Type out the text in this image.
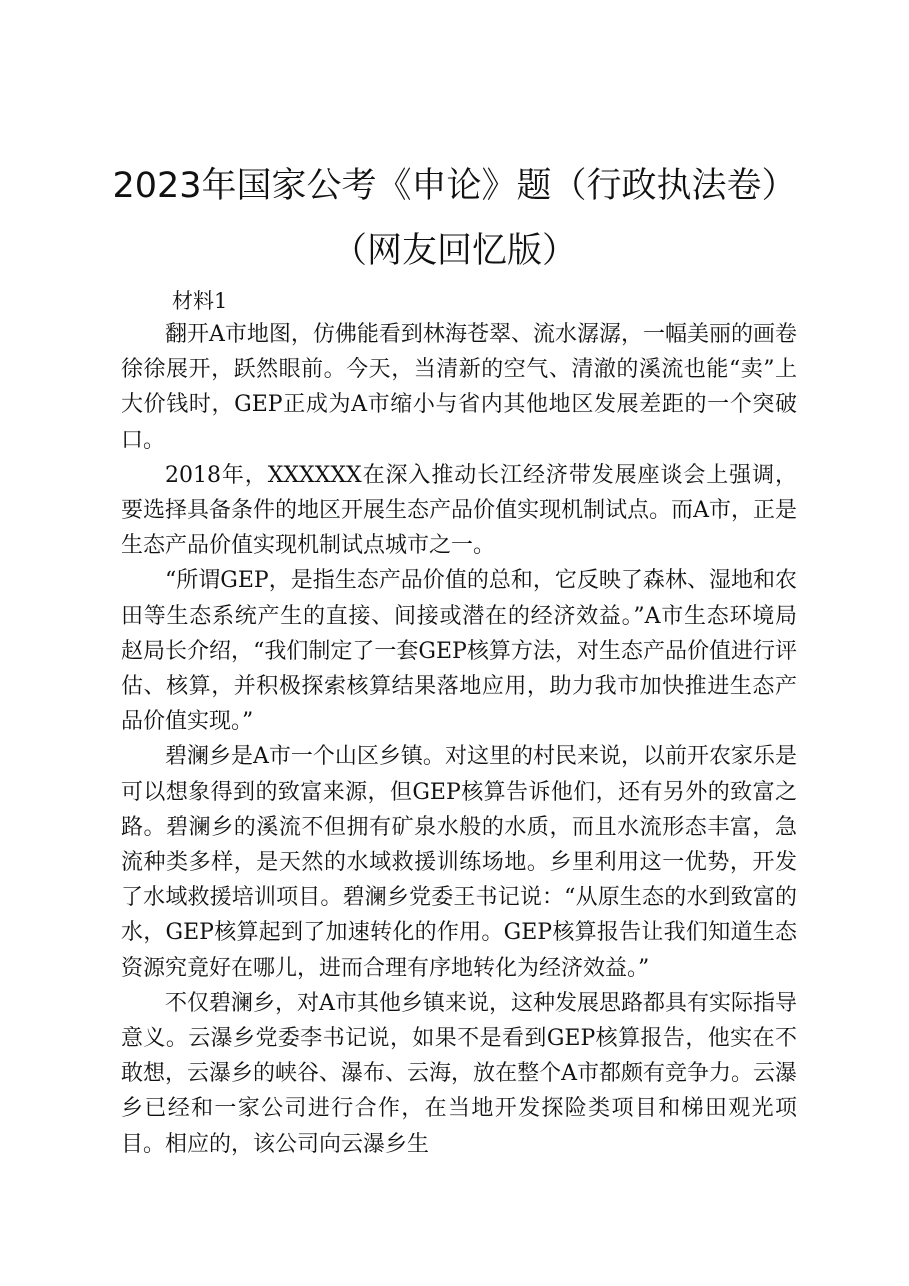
2023年国家公考《申论》题（行政执法卷）
（网友回忆版）
材料1

翻开A市地图，仿佛能看到林海苍翠、流水潺潺，一幅美丽的画卷徐徐展开，跃然眼前。今天，当清新的空气、清澈的溪流也能“卖”上大价钱时，GEP正成为A市缩小与省内其他地区发展差距的一个突破口。

2018年，XXXXXX在深入推动长江经济带发展座谈会上强调，要选择具备条件的地区开展生态产品价值实现机制试点。而A市，正是生态产品价值实现机制试点城市之一。

“所谓GEP，是指生态产品价值的总和，它反映了森林、湿地和农田等生态系统产生的直接、间接或潜在的经济效益。”A市生态环境局赵局长介绍，“我们制定了一套GEP核算方法，对生态产品价值进行评估、核算，并积极探索核算结果落地应用，助力我市加快推进生态产品价值实现。”

碧澜乡是A市一个山区乡镇。对这里的村民来说，以前开农家乐是可以想象得到的致富来源，但GEP核算告诉他们，还有另外的致富之路。碧澜乡的溪流不但拥有矿泉水般的水质，而且水流形态丰富，急流种类多样，是天然的水域救援训练场地。乡里利用这一优势，开发了水域救援培训项目。碧澜乡党委王书记说：“从原生态的水到致富的水，GEP核算起到了加速转化的作用。GEP核算报告让我们知道生态资源究竟好在哪儿，进而合理有序地转化为经济效益。”

不仅碧澜乡，对A市其他乡镇来说，这种发展思路都具有实际指导意义。云瀑乡党委李书记说，如果不是看到GEP核算报告，他实在不敢想，云瀑乡的峡谷、瀑布、云海，放在整个A市都颇有竞争力。云瀑乡已经和一家公司进行合作，在当地开发探险类项目和梯田观光项目。相应的，该公司向云瀑乡生
